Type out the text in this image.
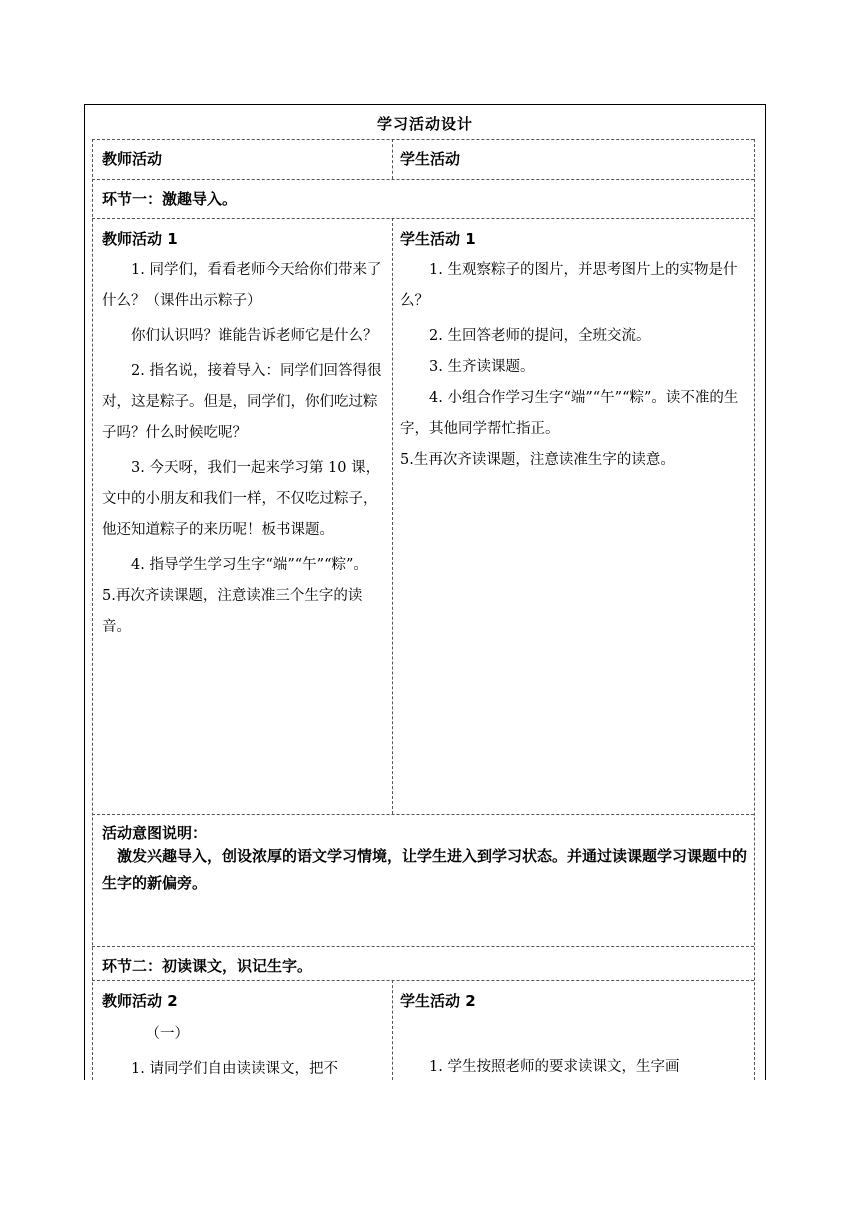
学习活动设计
教师活动	学生活动
环节一：激趣导入。

教师活动 1

1. 同学们，看看老师今天给你们带来了什么？（课件出示粽子）

你们认识吗？谁能告诉老师它是什么？

2. 指名说，接着导入：同学们回答得很对，这是粽子。但是，同学们，你们吃过粽子吗？什么时候吃呢？

3. 今天呀，我们一起来学习第 10 课，文中的小朋友和我们一样，不仅吃过粽子，他还知道粽子的来历呢！板书课题。

4. 指导学生学习生字“端”“午”“粽”。

5.再次齐读课题，注意读准三个生字的读音。

学生活动 1

1. 生观察粽子的图片，并思考图片上的实物是什么？

2. 生回答老师的提问，全班交流。

3. 生齐读课题。

4. 小组合作学习生字“端”“午”“粽”。读不准的生字，其他同学帮忙指正。

5.生再次齐读课题，注意读准生字的读意。

活动意图说明：

激发兴趣导入，创设浓厚的语文学习情境，让学生进入到学习状态。并通过读课题学习课题中的生字的新偏旁。

环节二：初读课文，识记生字。

教师活动 2

（一）

1. 请同学们自由读读课文，把不

学生活动 2

1. 学生按照老师的要求读课文，生字画
